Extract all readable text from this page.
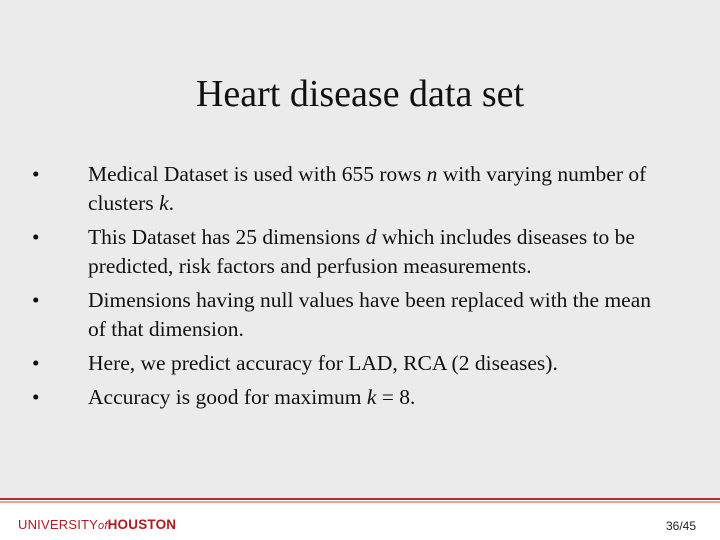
Heart disease data set
•	Medical Dataset is used with 655 rows n with varying number of clusters k.
•	This Dataset has 25 dimensions d which includes diseases to be predicted, risk factors and perfusion measurements.
•	Dimensions having null values have been replaced with the mean of that dimension.
•	Here, we predict accuracy for LAD, RCA (2 diseases).
•	Accuracy is good for maximum k = 8.
UNIVERSITYofHOUSTON	36/45
